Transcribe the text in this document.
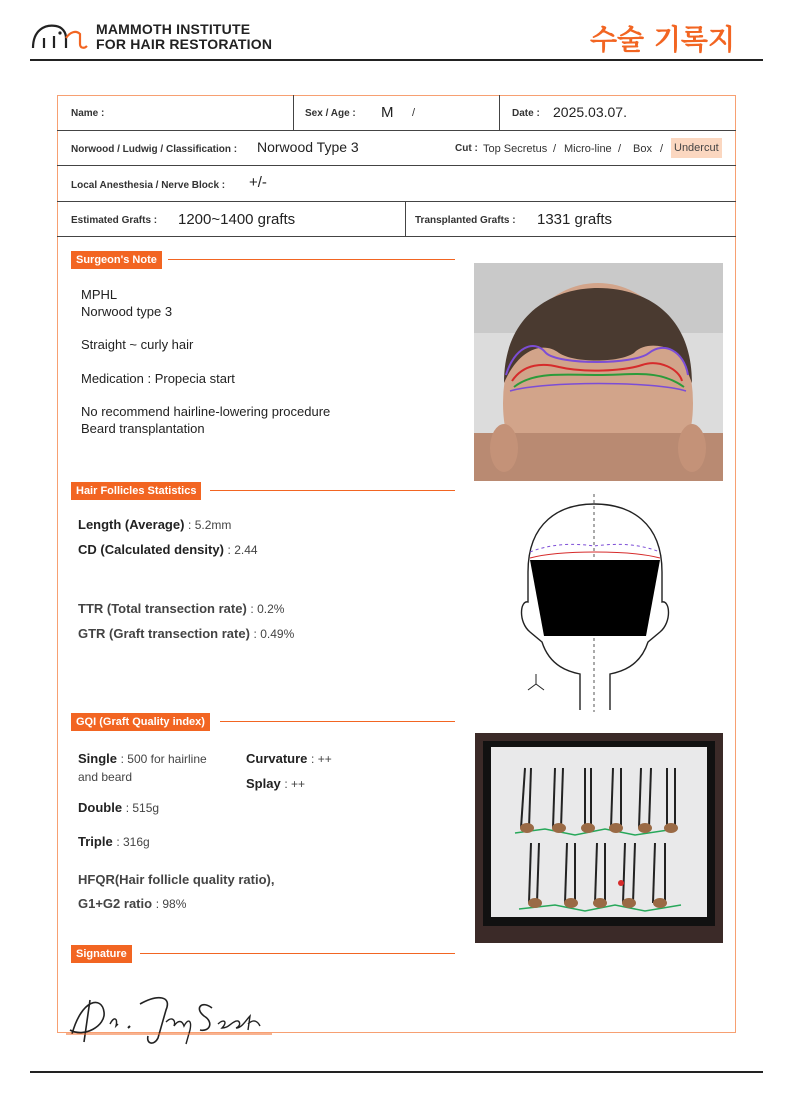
MAMMOTH INSTITUTE
FOR HAIR RESTORATION	수술 기록지
Name :	Sex / Age : M /	Date : 2025.03.07.
Norwood / Ludwig / Classification : Norwood Type 3	Cut : Top Secretus / Micro-line / Box / Undercut
Local Anesthesia / Nerve Block : +/-
Estimated Grafts : 1200~1400 grafts	Transplanted Grafts : 1331 grafts
Surgeon's Note
MPHL
Norwood type 3
Straight ~ curly hair
Medication : Propecia start
No recommend hairline-lowering procedure
Beard transplantation
Hair Follicles Statistics
Length (Average) : 5.2mm
CD (Calculated density) : 2.44
TTR (Total transection rate) : 0.2%
GTR (Graft transection rate) : 0.49%
GQI (Graft Quality index)
Single : 500 for hairline
and beard
Double : 515g
Triple : 316g
Curvature : ++
Splay : ++
HFQR(Hair follicle quality ratio),
G1+G2 ratio : 98%
Signature
